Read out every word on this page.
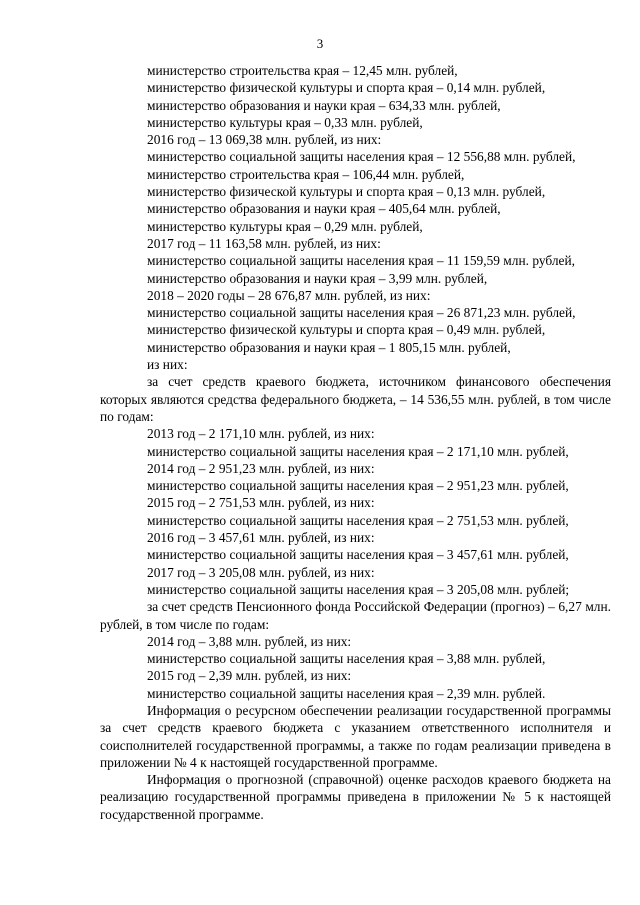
3
министерство строительства края – 12,45 млн. рублей,
министерство физической культуры и спорта края – 0,14 млн. рублей,
министерство образования и науки края – 634,33 млн. рублей,
министерство культуры края – 0,33 млн. рублей,
2016 год – 13 069,38 млн. рублей, из них:
министерство социальной защиты населения края – 12 556,88 млн. рублей,
министерство строительства края – 106,44 млн. рублей,
министерство физической культуры и спорта края – 0,13 млн. рублей,
министерство образования и науки края – 405,64 млн. рублей,
министерство культуры края – 0,29 млн. рублей,
2017 год – 11 163,58 млн. рублей, из них:
министерство социальной защиты населения края – 11 159,59 млн. рублей,
министерство образования и науки края – 3,99 млн. рублей,
2018 – 2020 годы – 28 676,87 млн. рублей, из них:
министерство социальной защиты населения края – 26 871,23 млн. рублей,
министерство физической культуры и спорта края – 0,49 млн. рублей,
министерство образования и науки края – 1 805,15 млн. рублей,
из них:

за счет средств краевого бюджета, источником финансового обеспечения которых являются средства федерального бюджета, – 14 536,55 млн. рублей, в том числе по годам:

2013 год – 2 171,10 млн. рублей, из них:
министерство социальной защиты населения края – 2 171,10 млн. рублей,
2014 год – 2 951,23 млн. рублей, из них:
министерство социальной защиты населения края – 2 951,23 млн. рублей,
2015 год – 2 751,53 млн. рублей, из них:
министерство социальной защиты населения края – 2 751,53 млн. рублей,
2016 год – 3 457,61 млн. рублей, из них:
министерство социальной защиты населения края – 3 457,61 млн. рублей,
2017 год – 3 205,08 млн. рублей, из них:
министерство социальной защиты населения края – 3 205,08 млн. рублей;

за счет средств Пенсионного фонда Российской Федерации (прогноз) – 6,27 млн. рублей, в том числе по годам:

2014 год – 3,88 млн. рублей, из них:
министерство социальной защиты населения края – 3,88 млн. рублей,
2015 год – 2,39 млн. рублей, из них:
министерство социальной защиты населения края – 2,39 млн. рублей.

Информация о ресурсном обеспечении реализации государственной программы за счет средств краевого бюджета с указанием ответственного исполнителя и соисполнителей государственной программы, а также по годам реализации приведена в приложении № 4 к настоящей государственной программе.

Информация о прогнозной (справочной) оценке расходов краевого бюджета на реализацию государственной программы приведена в приложении № 5 к настоящей государственной программе.
